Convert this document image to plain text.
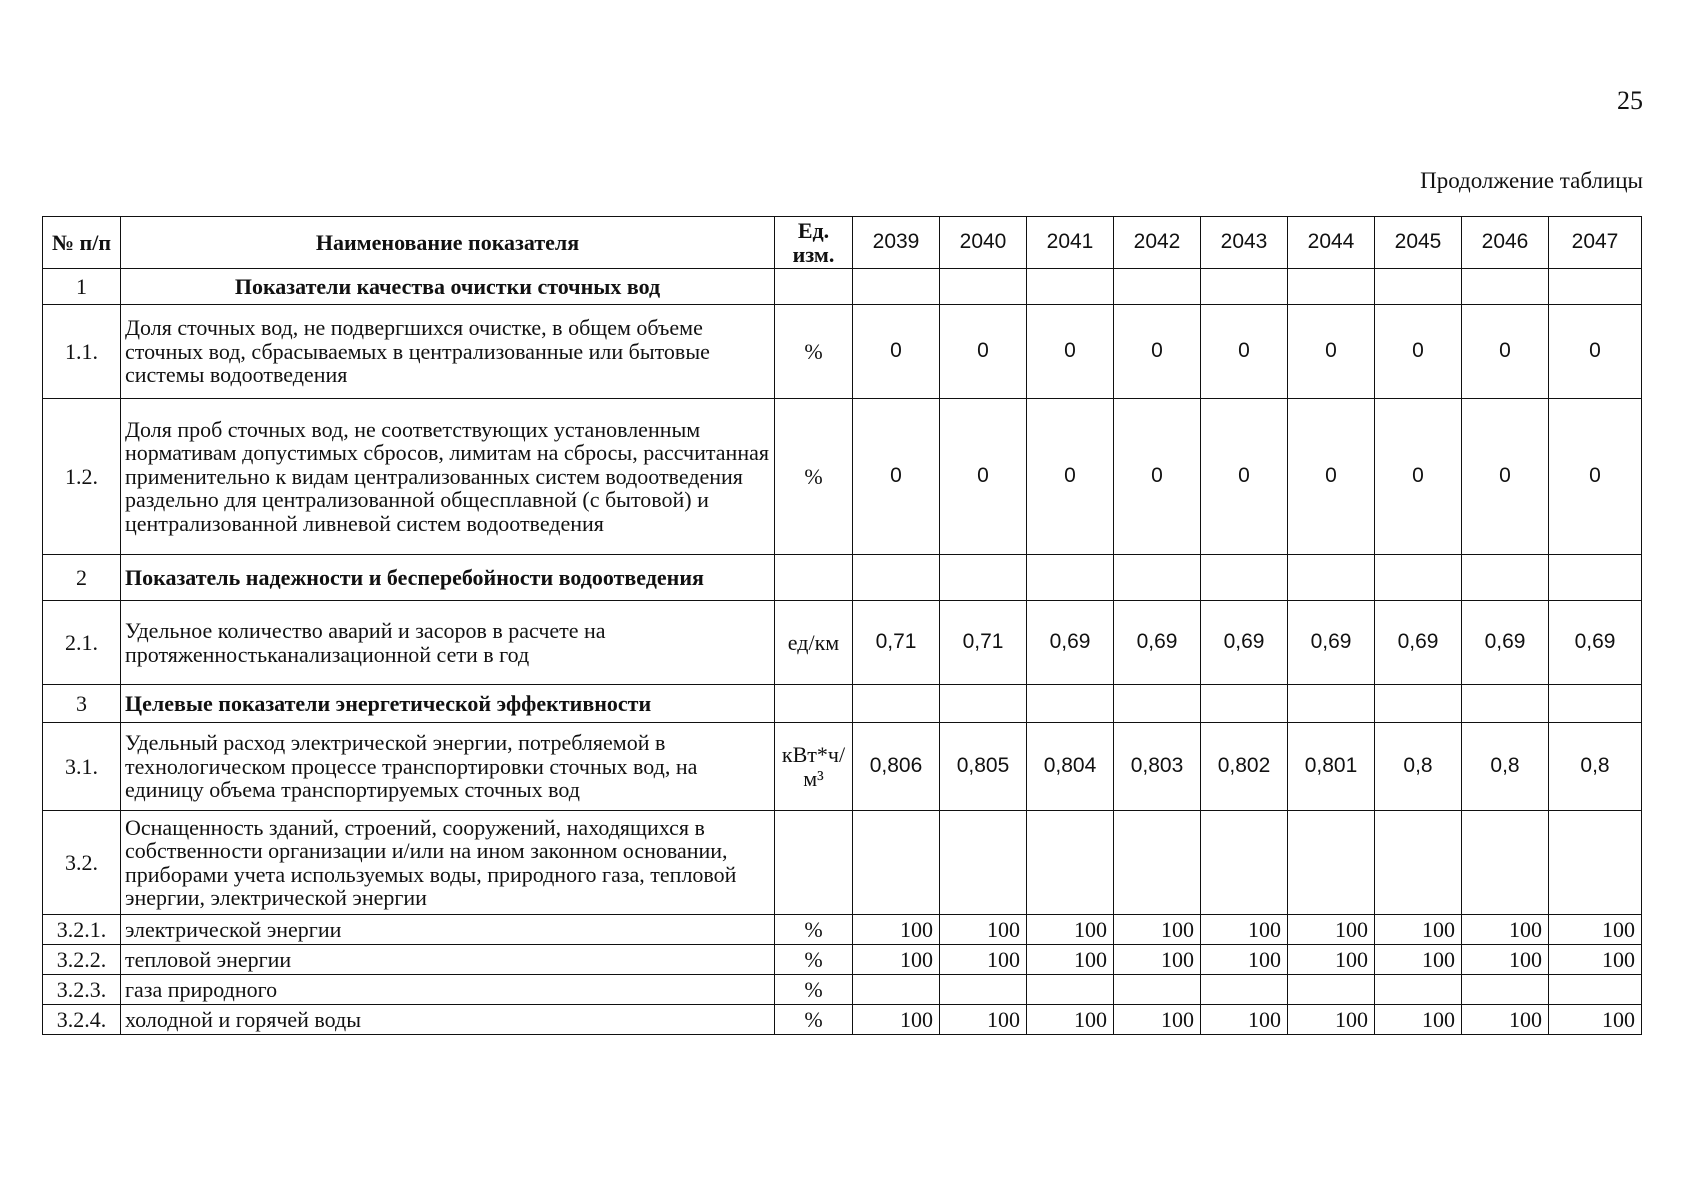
25
Продолжение таблицы
№ п/п	Наименование показателя	Ед. изм.	2039	2040	2041	2042	2043	2044	2045	2046	2047
1	Показатели качества очистки сточных вод										
1.1.	Доля сточных вод, не подвергшихся очистке, в общем объеме сточных вод, сбрасываемых в централизованные или бытовые системы водоотведения	%	0	0	0	0	0	0	0	0	0
1.2.	Доля проб сточных вод, не соответствующих установленным нормативам допустимых сбросов, лимитам на сбросы, рассчитанная применительно к видам централизованных систем водоотведения раздельно для централизованной общесплавной (с бытовой) и централизованной ливневой систем водоотведения	%	0	0	0	0	0	0	0	0	0
2	Показатель надежности и бесперебойности водоотведения										
2.1.	Удельное количество аварий и засоров в расчете на протяженностьканализационной сети в год	ед/км	0,71	0,71	0,69	0,69	0,69	0,69	0,69	0,69	0,69
3	Целевые показатели энергетической эффективности										
3.1.	Удельный расход электрической энергии, потребляемой в технологическом процессе транспортировки сточных вод, на единицу объема транспортируемых сточных вод	кВт*ч/м³	0,806	0,805	0,804	0,803	0,802	0,801	0,8	0,8	0,8
3.2.	Оснащенность зданий, строений, сооружений, находящихся в собственности организации и/или на ином законном основании, приборами учета используемых воды, природного газа, тепловой энергии, электрической энергии										
3.2.1.	электрической энергии	%	100	100	100	100	100	100	100	100	100
3.2.2.	тепловой энергии	%	100	100	100	100	100	100	100	100	100
3.2.3.	газа природного	%									
3.2.4.	холодной и горячей воды	%	100	100	100	100	100	100	100	100	100
